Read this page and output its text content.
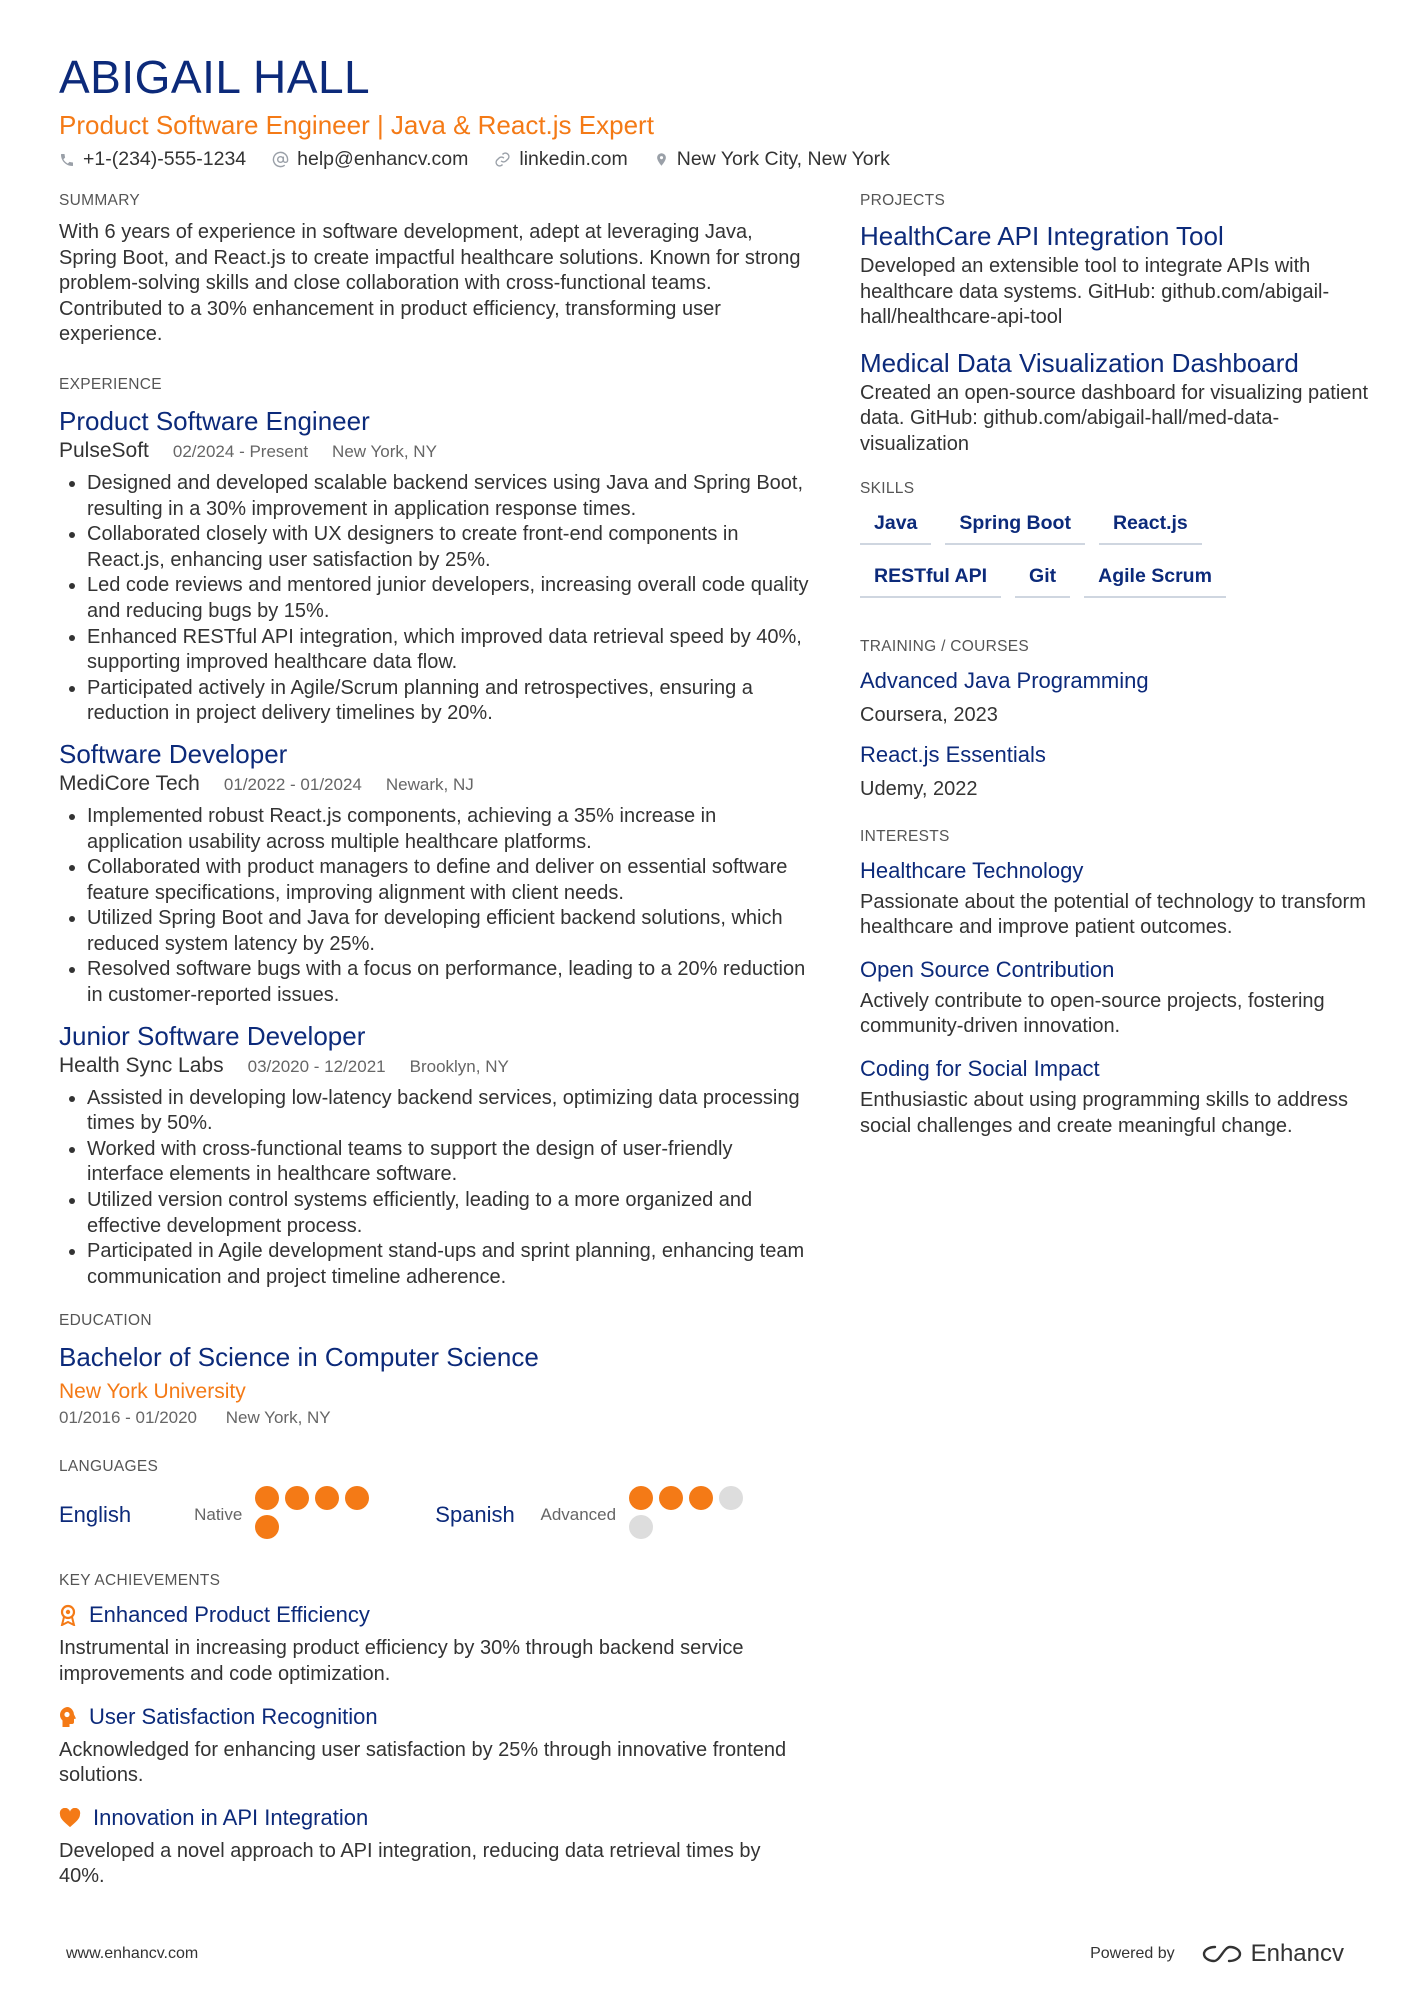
ABIGAIL HALL
Product Software Engineer | Java & React.js Expert
+1-(234)-555-1234	help@enhancv.com	linkedin.com	New York City, New York
SUMMARY

With 6 years of experience in software development, adept at leveraging Java, Spring Boot, and React.js to create impactful healthcare solutions. Known for strong problem-solving skills and close collaboration with cross-functional teams. Contributed to a 30% enhancement in product efficiency, transforming user experience.

EXPERIENCE
Product Software Engineer
PulseSoft 02/2024 - Present New York, NY
• Designed and developed scalable backend services using Java and Spring Boot, resulting in a 30% improvement in application response times.
• Collaborated closely with UX designers to create front-end components in React.js, enhancing user satisfaction by 25%.
• Led code reviews and mentored junior developers, increasing overall code quality and reducing bugs by 15%.
• Enhanced RESTful API integration, which improved data retrieval speed by 40%, supporting improved healthcare data flow.
• Participated actively in Agile/Scrum planning and retrospectives, ensuring a reduction in project delivery timelines by 20%.
Software Developer
MediCore Tech 01/2022 - 01/2024 Newark, NJ
• Implemented robust React.js components, achieving a 35% increase in application usability across multiple healthcare platforms.
• Collaborated with product managers to define and deliver on essential software feature specifications, improving alignment with client needs.
• Utilized Spring Boot and Java for developing efficient backend solutions, which reduced system latency by 25%.
• Resolved software bugs with a focus on performance, leading to a 20% reduction in customer-reported issues.
Junior Software Developer
Health Sync Labs 03/2020 - 12/2021 Brooklyn, NY
• Assisted in developing low-latency backend services, optimizing data processing times by 50%.
• Worked with cross-functional teams to support the design of user-friendly interface elements in healthcare software.
• Utilized version control systems efficiently, leading to a more organized and effective development process.
• Participated in Agile development stand-ups and sprint planning, enhancing team communication and project timeline adherence.
EDUCATION
Bachelor of Science in Computer Science
New York University
01/2016 - 01/2020 New York, NY
LANGUAGES
English	Native	Spanish	Advanced
KEY ACHIEVEMENTS
Enhanced Product Efficiency
Instrumental in increasing product efficiency by 30% through backend service improvements and code optimization.
User Satisfaction Recognition
Acknowledged for enhancing user satisfaction by 25% through innovative frontend solutions.
Innovation in API Integration
Developed a novel approach to API integration, reducing data retrieval times by 40%.
PROJECTS
HealthCare API Integration Tool
Developed an extensible tool to integrate APIs with healthcare data systems. GitHub: github.com/abigail-hall/healthcare-api-tool
Medical Data Visualization Dashboard
Created an open-source dashboard for visualizing patient data. GitHub: github.com/abigail-hall/med-data-visualization
SKILLS
Java	Spring Boot	React.js
RESTful API	Git	Agile Scrum
TRAINING / COURSES
Advanced Java Programming
Coursera, 2023
React.js Essentials
Udemy, 2022
INTERESTS
Healthcare Technology
Passionate about the potential of technology to transform healthcare and improve patient outcomes.
Open Source Contribution
Actively contribute to open-source projects, fostering community-driven innovation.
Coding for Social Impact
Enthusiastic about using programming skills to address social challenges and create meaningful change.
www.enhancv.com	Powered by	Enhancv
